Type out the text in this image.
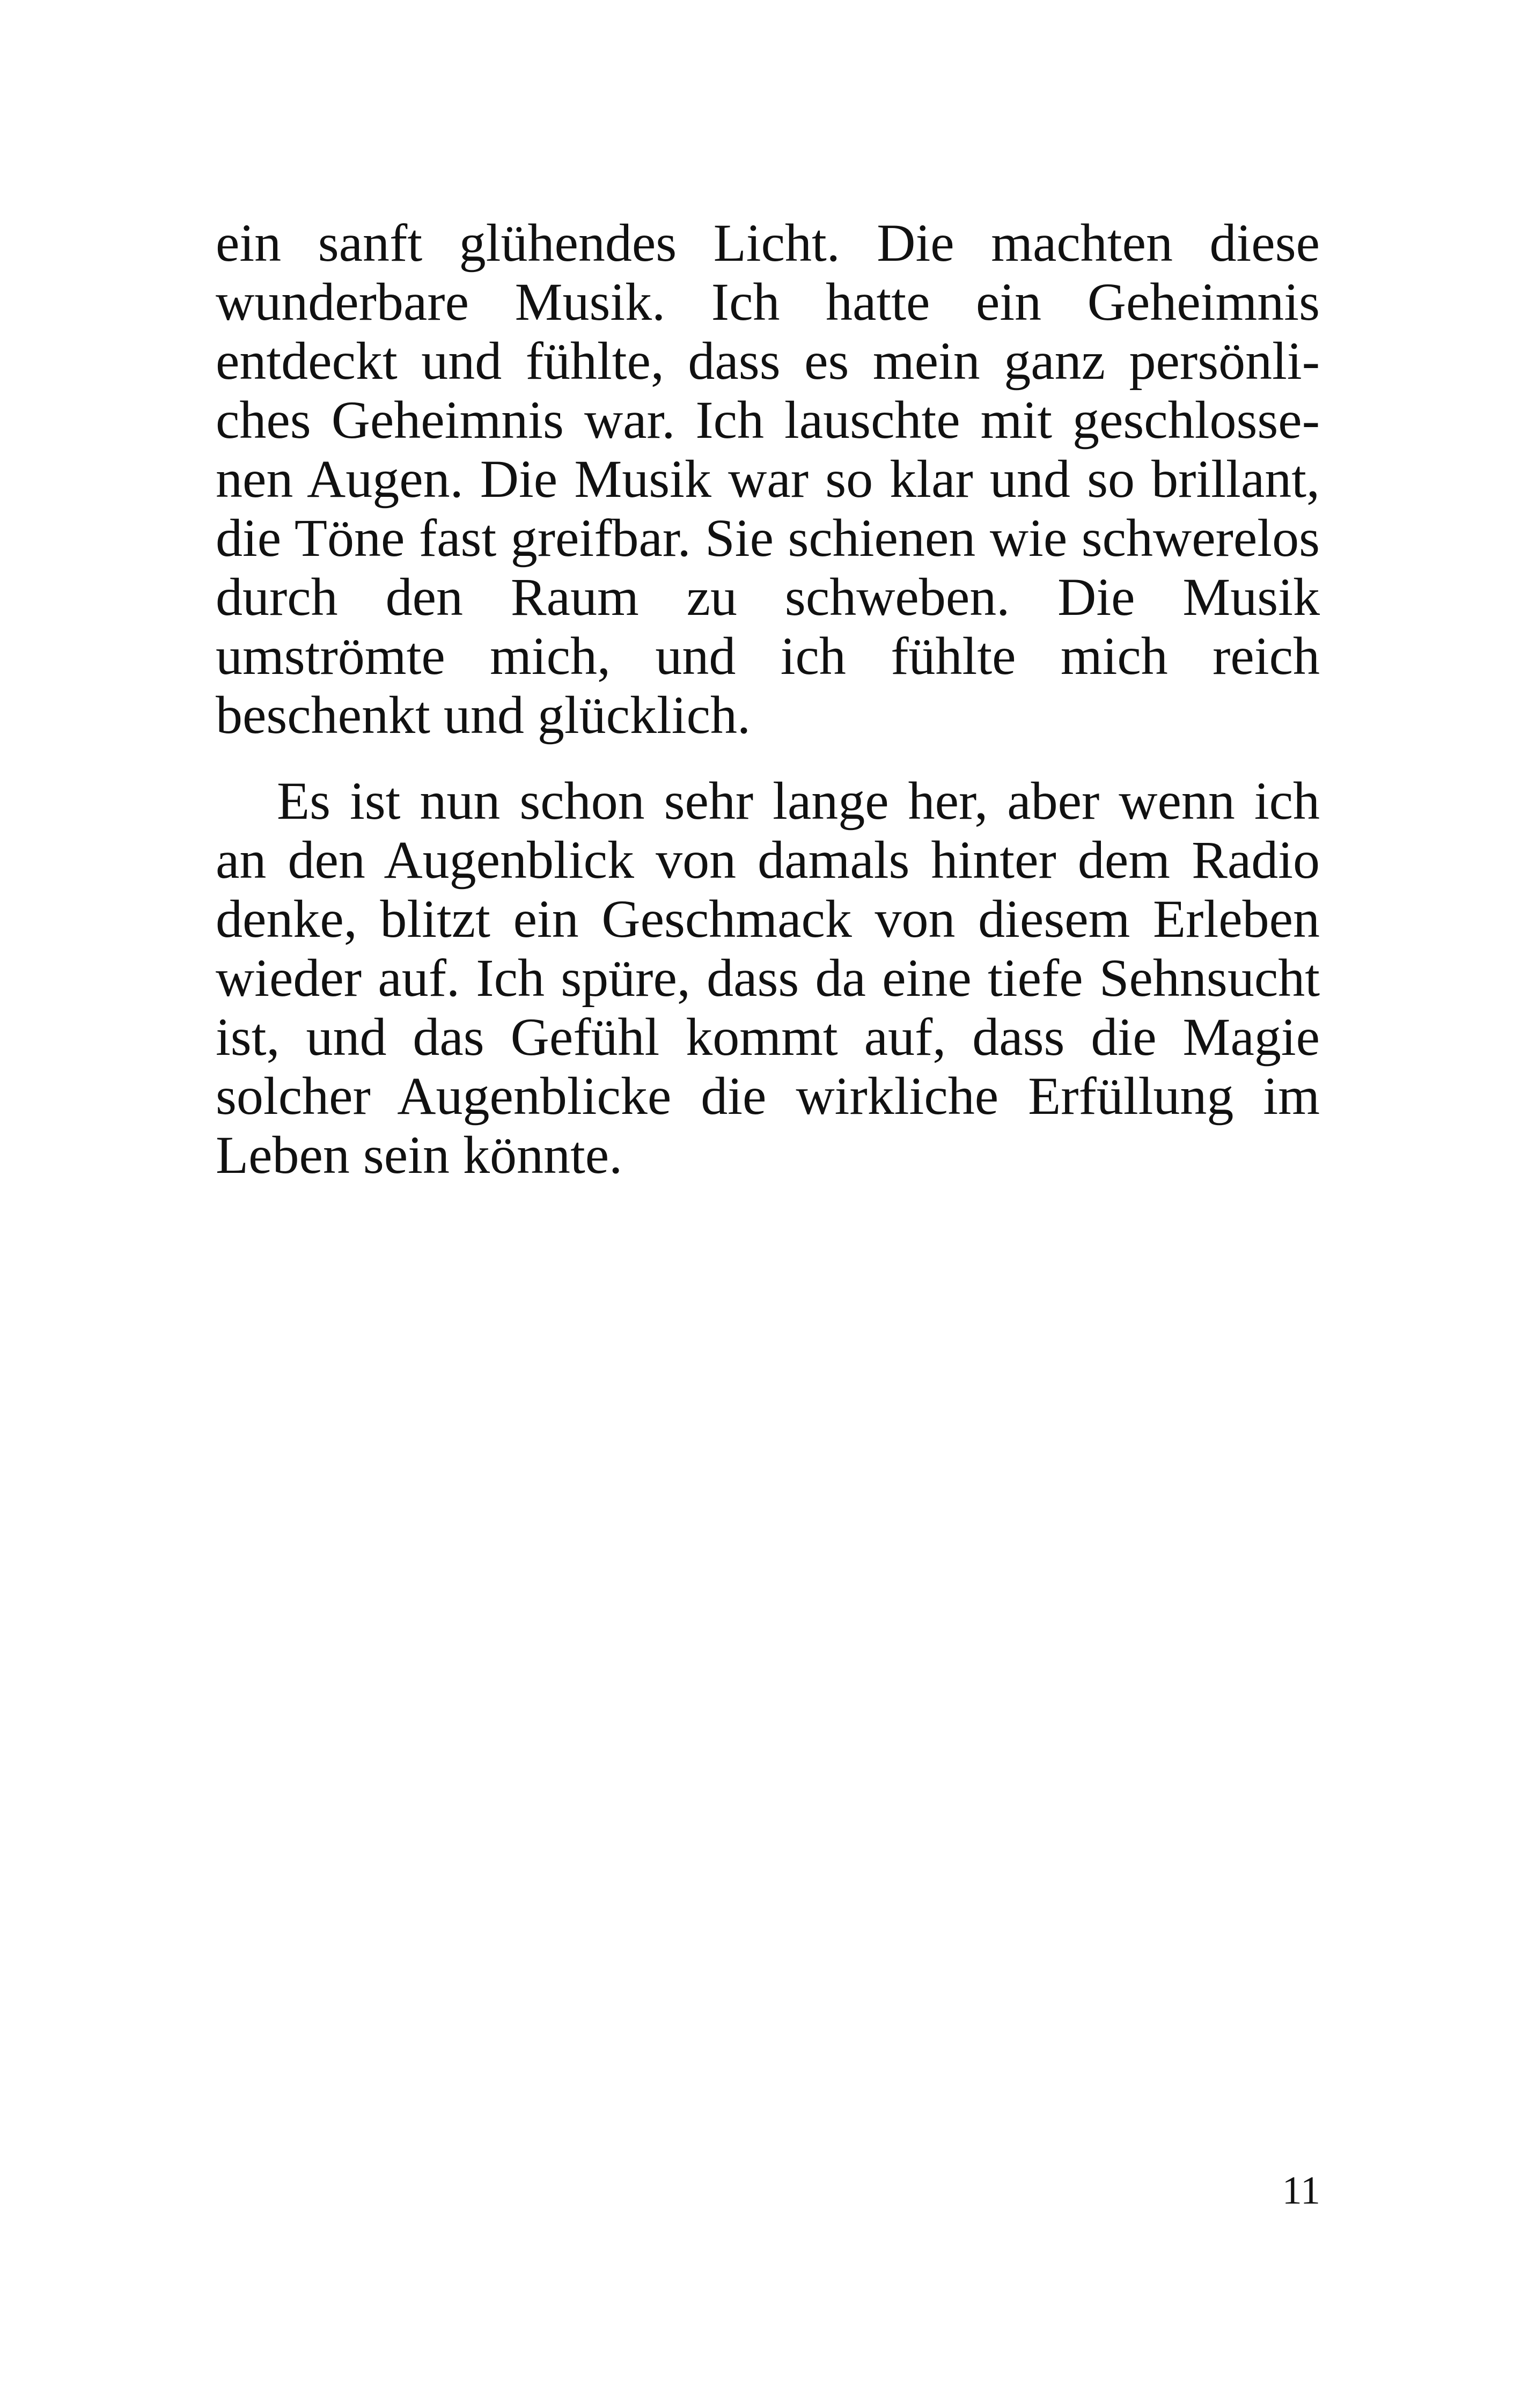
ein sanft glühendes Licht. Die machten diese
wunderbare Musik. Ich hatte ein Geheimnis
entdeckt und fühlte, dass es mein ganz persönli-
ches Geheimnis war. Ich lauschte mit geschlosse-
nen Augen. Die Musik war so klar und so brillant,
die Töne fast greifbar. Sie schienen wie schwerelos
durch den Raum zu schweben. Die Musik
umströmte mich, und ich fühlte mich reich
beschenkt und glücklich.
Es ist nun schon sehr lange her, aber wenn ich
an den Augenblick von damals hinter dem Radio
denke, blitzt ein Geschmack von diesem Erleben
wieder auf. Ich spüre, dass da eine tiefe Sehnsucht
ist, und das Gefühl kommt auf, dass die Magie
solcher Augenblicke die wirkliche Erfüllung im
Leben sein könnte.
11
